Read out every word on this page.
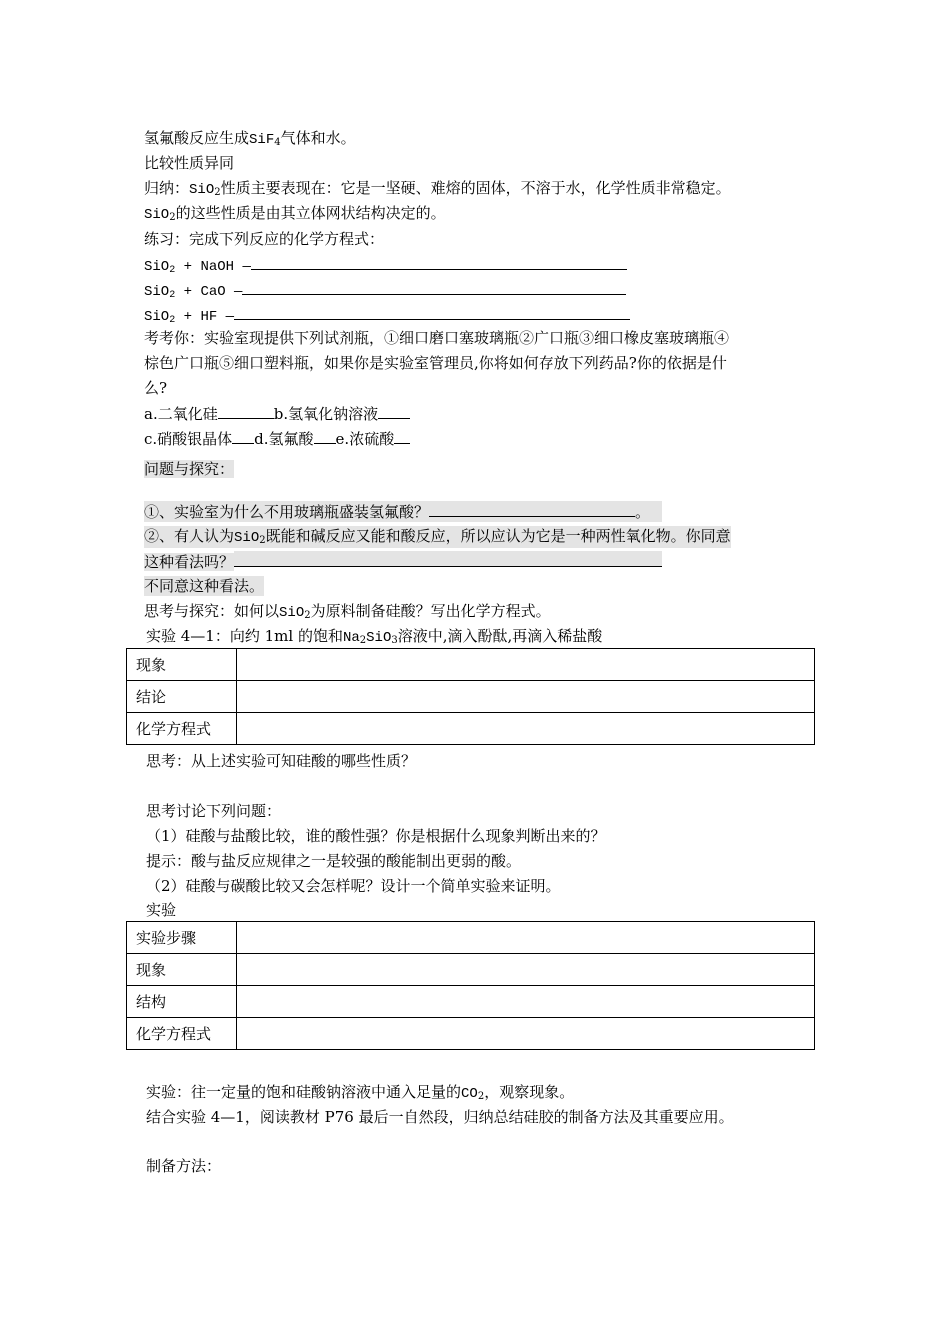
氢氟酸反应生成SiF$_4$气体和水。
比较性质异同
归纳：SiO$_2$性质主要表现在：它是一坚硬、难熔的固体，不溶于水，化学性质非常稳定。
SiO$_2$的这些性质是由其立体网状结构决定的。
练习：完成下列反应的化学方程式：
SiO$_2$ + NaOH —
SiO$_2$ + CaO —
SiO$_2$ + HF —
考考你：实验室现提供下列试剂瓶，①细口磨口塞玻璃瓶②广口瓶③细口橡皮塞玻璃瓶④
棕色广口瓶⑤细口塑料瓶，如果你是实验室管理员,你将如何存放下列药品?你的依据是什
么?
a.二氧化硅	b.氢氧化钠溶液
c.硝酸银晶体 d.氢氟酸 e.浓硫酸
问题与探究：
①、实验室为什么不用玻璃瓶盛装氢氟酸？	。
②、有人认为SiO$_2$既能和碱反应又能和酸反应，所以应认为它是一种两性氧化物。你同意
这种看法吗？
不同意这种看法。
思考与探究：如何以SiO$_2$为原料制备硅酸？写出化学方程式。
实验 4—1：向约 1ml 的饱和$Na_2SiO_3$溶液中,滴入酚酞,再滴入稀盐酸
现象	
结论	
化学方程式	
思考：从上述实验可知硅酸的哪些性质？
思考讨论下列问题：
（1）硅酸与盐酸比较，谁的酸性强？你是根据什么现象判断出来的？
提示：酸与盐反应规律之一是较强的酸能制出更弱的酸。
（2）硅酸与碳酸比较又会怎样呢？设计一个简单实验来证明。
实验
实验步骤	
现象	
结构	
化学方程式	
实验：往一定量的饱和硅酸钠溶液中通入足量的$CO_2$，观察现象。
结合实验 4—1，阅读教材 P76 最后一自然段，归纳总结硅胶的制备方法及其重要应用。
制备方法：
